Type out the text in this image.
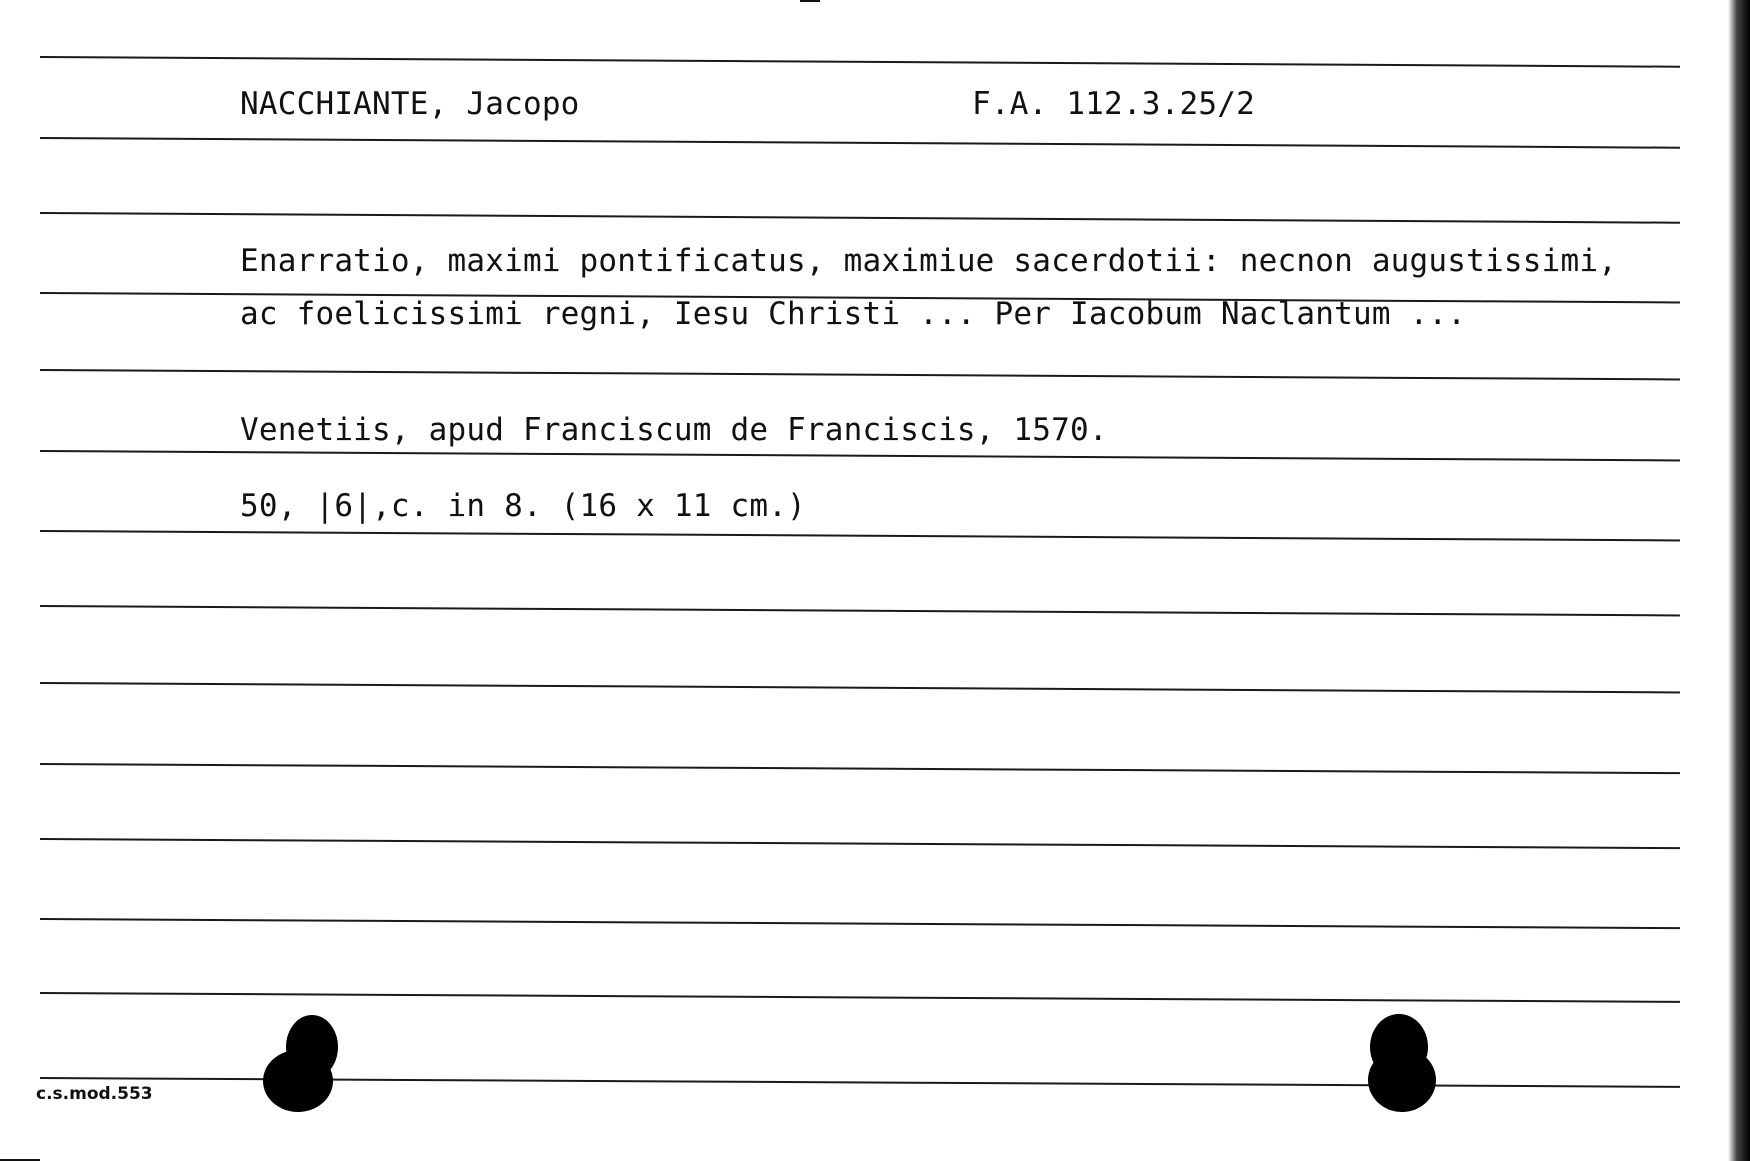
NACCHIANTE, Jacopo	F.A. 112.3.25/2
Enarratio, maximi pontificatus, maximiue sacerdotii: necnon augustissimi,
ac foelicissimi regni, Iesu Christi ... Per Iacobum Naclantum ...
Venetiis, apud Franciscum de Franciscis, 1570.
50, |6|,c. in 8. (16 x 11 cm.)
c.s.mod.553
